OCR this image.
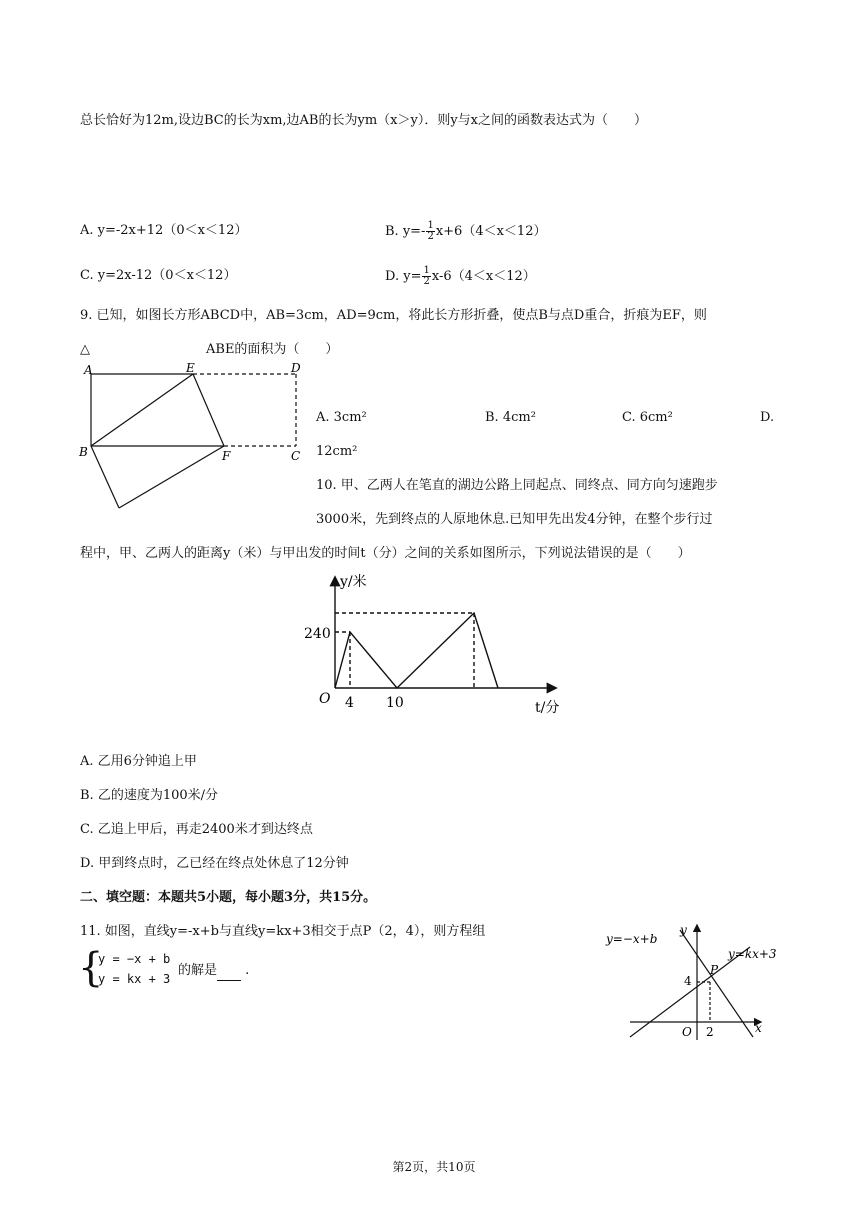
总长恰好为12m,设边BC的长为xm,边AB的长为ym（x＞y）．则y与x之间的函数表达式为（　　）
A. y=-2x+12（0＜x＜12）	B. $y=- \frac{1}{2} x+6(4<x<12)$
C. y=2x-12（0＜x＜12）	D. $y= \frac{1}{2} x-6(4<x<12)$
9. 已知，如图长方形ABCD中，AB=3cm，AD=9cm，将此长方形折叠，使点B与点D重合，折痕为EF，则
△	ABE的面积为（　　）
A	E	D
B	F	C
A. 3cm²	B. 4cm²	C. 6cm²	D.
12cm²
10. 甲、乙两人在笔直的湖边公路上同起点、同终点、同方向匀速跑步
3000米，先到终点的人原地休息.已知甲先出发4分钟，在整个步行过
程中，甲、乙两人的距离y（米）与甲出发的时间t（分）之间的关系如图所示，下列说法错误的是（　　）
y/米
t/分
O
240
4 10
A. 乙用6分钟追上甲
B. 乙的速度为100米/分
C. 乙追上甲后，再走2400米才到达终点
D. 甲到终点时，乙已经在终点处休息了12分钟
二、填空题：本题共5小题，每小题3分，共15分。
11. 如图，直线y=-x+b与直线y=kx+3相交于点P（2，4），则方程组
{
y = −x + b
y = kx + 3
的解是 .
y=−x+b
y=kx+3
y
x
O
P
4
2
第2页，共10页
